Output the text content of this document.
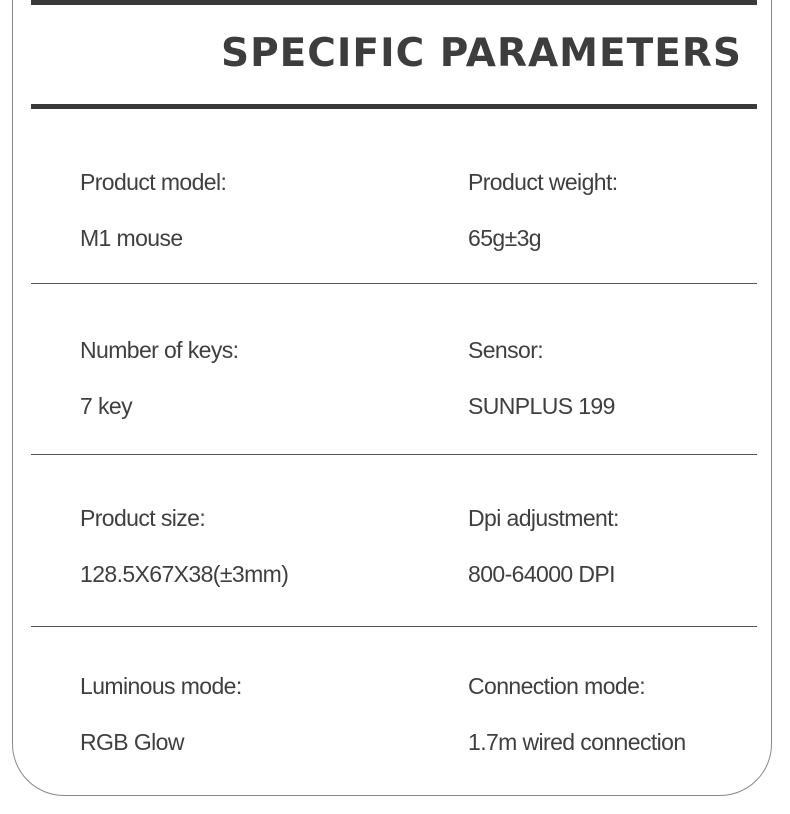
SPECIFIC PARAMETERS
Product model:
M1 mouse
Product weight:
65g±3g
Number of keys:
7 key
Sensor:
SUNPLUS 199
Product size:
128.5X67X38(±3mm)
Dpi adjustment:
800-64000 DPI
Luminous mode:
RGB Glow
Connection mode:
1.7m wired connection
